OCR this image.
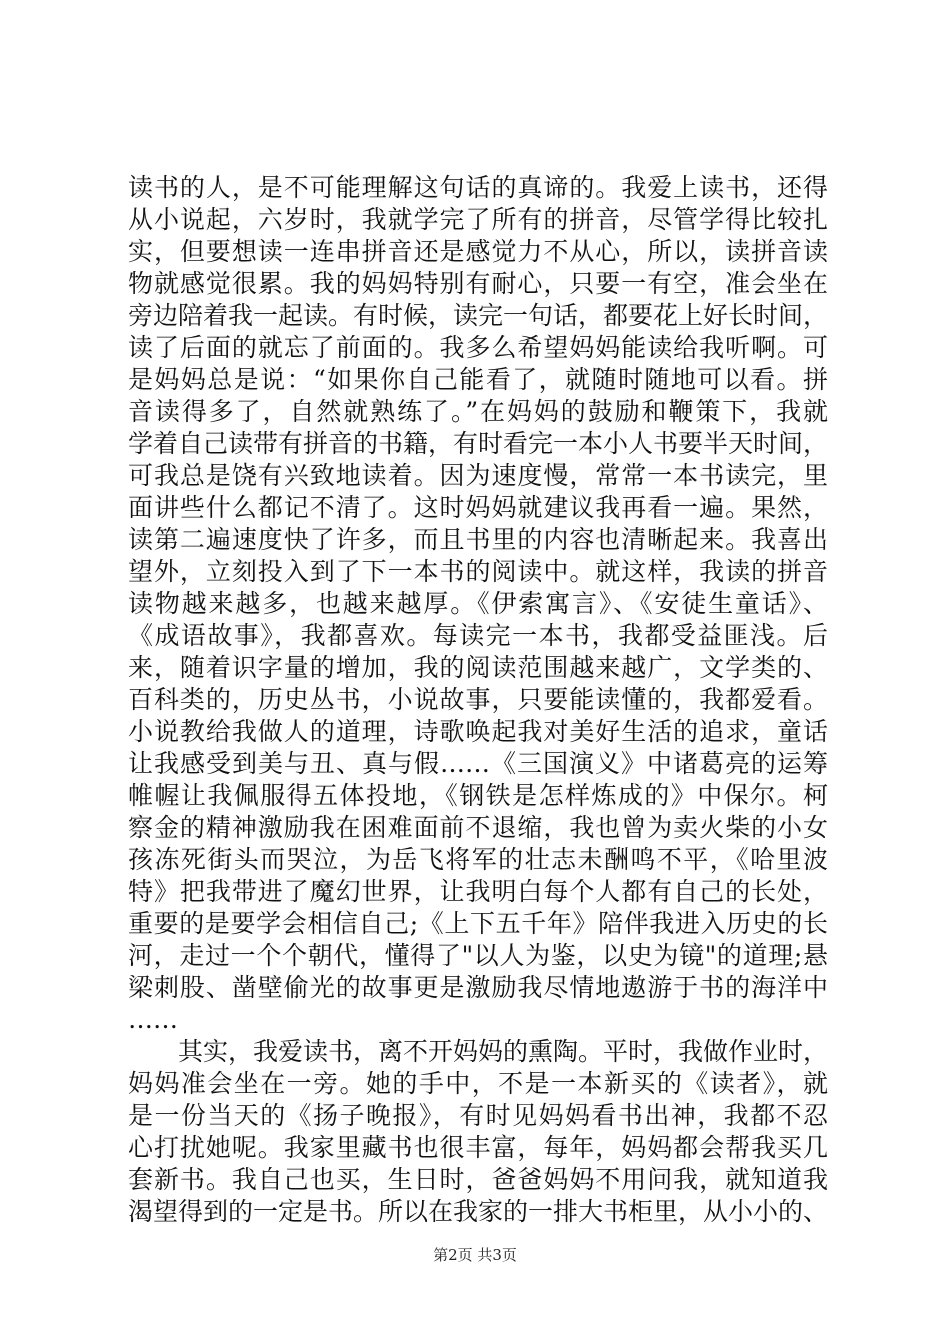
读书的人，是不可能理解这句话的真谛的。我爱上读书，还得
从小说起，六岁时，我就学完了所有的拼音，尽管学得比较扎
实，但要想读一连串拼音还是感觉力不从心，所以，读拼音读
物就感觉很累。我的妈妈特别有耐心，只要一有空，准会坐在
旁边陪着我一起读。有时候，读完一句话，都要花上好长时间，
读了后面的就忘了前面的。我多么希望妈妈能读给我听啊。可
是妈妈总是说：“如果你自己能看了，就随时随地可以看。拼
音读得多了，自然就熟练了。”在妈妈的鼓励和鞭策下，我就
学着自己读带有拼音的书籍，有时看完一本小人书要半天时间，
可我总是饶有兴致地读着。因为速度慢，常常一本书读完，里
面讲些什么都记不清了。这时妈妈就建议我再看一遍。果然，
读第二遍速度快了许多，而且书里的内容也清晰起来。我喜出
望外，立刻投入到了下一本书的阅读中。就这样，我读的拼音
读物越来越多，也越来越厚。《伊索寓言》、《安徒生童话》、
《成语故事》，我都喜欢。每读完一本书，我都受益匪浅。后
来，随着识字量的增加，我的阅读范围越来越广，文学类的、
百科类的，历史丛书，小说故事，只要能读懂的，我都爱看。
小说教给我做人的道理，诗歌唤起我对美好生活的追求，童话
让我感受到美与丑、真与假……《三国演义》中诸葛亮的运筹
帷幄让我佩服得五体投地，《钢铁是怎样炼成的》中保尔。柯
察金的精神激励我在困难面前不退缩，我也曾为卖火柴的小女
孩冻死街头而哭泣，为岳飞将军的壮志未酬鸣不平，《哈里波
特》把我带进了魔幻世界，让我明白每个人都有自己的长处，
重要的是要学会相信自己;《上下五千年》陪伴我进入历史的长
河，走过一个个朝代，懂得了"以人为鉴，以史为镜"的道理;悬
梁刺股、凿壁偷光的故事更是激励我尽情地遨游于书的海洋中
……
　　其实，我爱读书，离不开妈妈的熏陶。平时，我做作业时，
妈妈准会坐在一旁。她的手中，不是一本新买的《读者》，就
是一份当天的《扬子晚报》，有时见妈妈看书出神，我都不忍
心打扰她呢。我家里藏书也很丰富，每年，妈妈都会帮我买几
套新书。我自己也买，生日时，爸爸妈妈不用问我，就知道我
渴望得到的一定是书。所以在我家的一排大书柜里，从小小的、
第2页 共3页
